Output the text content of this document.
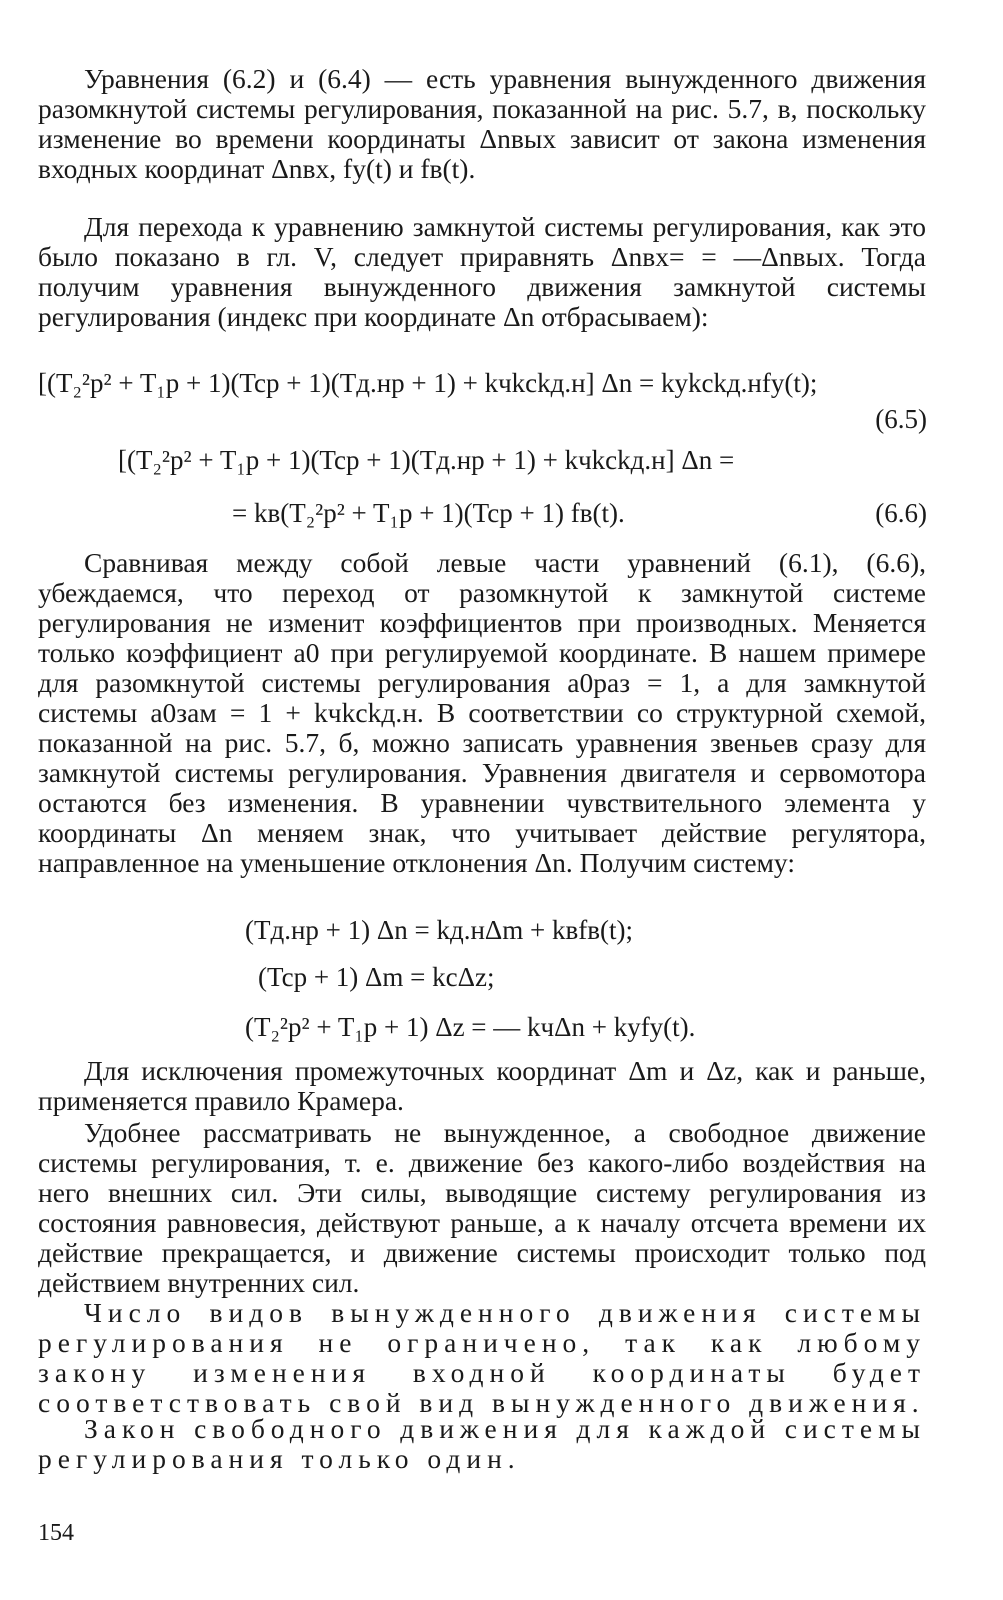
Уравнения (6.2) и (6.4) — есть уравнения вынужденного движения разомкнутой системы регулирования, показанной на рис. 5.7, в, поскольку изменение во времени координаты Δnвых зависит от закона изменения входных координат Δnвх, fу(t) и fв(t).

Для перехода к уравнению замкнутой системы регулирования, как это было показано в гл. V, следует приравнять Δnвх= = —Δnвых. Тогда получим уравнения вынужденного движения замкнутой системы регулирования (индекс при координате Δn отбрасываем):

[(T₂²p² + T₁p + 1)(Tcp + 1)(Tд.нp + 1) + kчkckд.н] Δn = kуkckд.нfу(t);
(6.5)
[(T₂²p² + T₁p + 1)(Tcp + 1)(Tд.нp + 1) + kчkckд.н] Δn =
= kв(T₂²p² + T₁p + 1)(Tcp + 1) fв(t).	(6.6)

Сравнивая между собой левые части уравнений (6.1), (6.6), убеждаемся, что переход от разомкнутой к замкнутой системе регулирования не изменит коэффициентов при производных. Меняется только коэффициент a0 при регулируемой координате. В нашем примере для разомкнутой системы регулирования a0раз = 1, а для замкнутой системы a0зам = 1 + kчkckд.н. В соответствии со структурной схемой, показанной на рис. 5.7, б, можно записать уравнения звеньев сразу для замкнутой системы регулирования. Уравнения двигателя и сервомотора остаются без изменения. В уравнении чувствительного элемента у координаты Δn меняем знак, что учитывает действие регулятора, направленное на уменьшение отклонения Δn. Получим систему:

(Tд.нp + 1) Δn = kд.нΔm + kвfв(t);
(Tcp + 1) Δm = kcΔz;
(T₂²p² + T₁p + 1) Δz = — kчΔn + kуfу(t).

Для исключения промежуточных координат Δm и Δz, как и раньше, применяется правило Крамера.

Удобнее рассматривать не вынужденное, а свободное движение системы регулирования, т. е. движение без какого-либо воздействия на него внешних сил. Эти силы, выводящие систему регулирования из состояния равновесия, действуют раньше, а к началу отсчета времени их действие прекращается, и движение системы происходит только под действием внутренних сил.

Число видов вынужденного движения системы регулирования не ограничено, так как любому закону изменения входной координаты будет соответствовать свой вид вынужденного движения.

Закон свободного движения для каждой системы регулирования только один.

154
